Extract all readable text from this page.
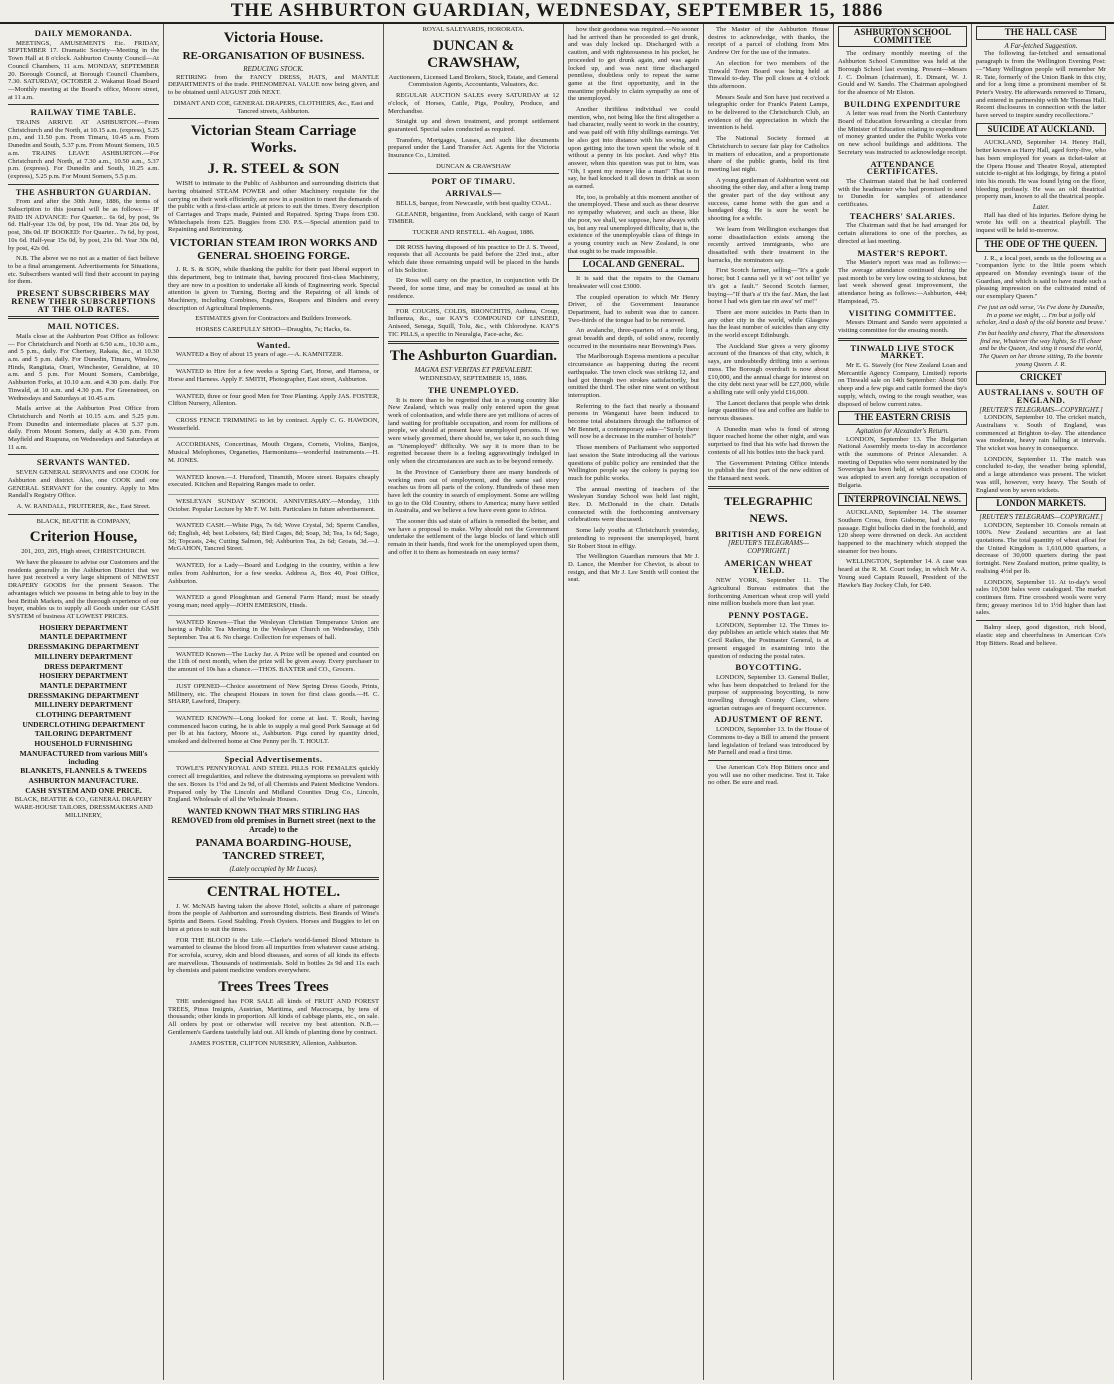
THE ASHBURTON GUARDIAN, WEDNESDAY, SEPTEMBER 15, 1886
DAILY MEMORANDA.

MEETINGS, AMUSEMENTS Etc. FRIDAY, SEPTEMBER 17. Dramatic Society—Meeting in the Town Hall at 8 o'clock. Ashburton County Council—At Council Chambers, 11 a.m. MONDAY, SEPTEMBER 20. Borough Council, at Borough Council Chambers, 7.30. SATURDAY, OCTOBER 2. Wakanui Road Board—Monthly meeting at the Board's office, Moore street, at 11 a.m.

RAILWAY TIME TABLE.

TRAINS ARRIVE AT ASHBURTON.—From Christchurch and the North, at 10.15 a.m. (express), 5.25 p.m., and 11.50 p.m. From Timaru, 10.45 a.m. From Dunedin and South, 5.37 p.m. From Mount Somers, 10.5 a.m. TRAINS LEAVE ASHBURTON.—For Christchurch and North, at 7.30 a.m., 10.50 a.m., 5.37 p.m. (express). For Dunedin and South, 10.25 a.m. (express), 5.25 p.m. For Mount Somers, 5.5 p.m.

THE ASHBURTON GUARDIAN.

From and after the 30th June, 1886, the terms of Subscription to this journal will be as follows:— IF PAID IN ADVANCE: For Quarter... 6s 6d, by post, 9s 6d. Half-year 13s 0d, by post, 19s 0d. Year 26s 0d, by post, 38s 0d. IF BOOKED: For Quarter... 7s 6d, by post, 10s 6d. Half-year 15s 0d, by post, 21s 0d. Year 30s 0d, by post, 42s 0d.

N.B. The above we no not as a matter of fact believe to be a final arrangement. Advertisements for Situations, etc. Subscribers wanted will find their account in paying for them.

PRESENT SUBSCRIBERS MAY RENEW THEIR SUBSCRIPTIONS AT THE OLD RATES.
MAIL NOTICES.

Mails close at the Ashburton Post Office as follows:— For Christchurch and North at 6.50 a.m., 10.30 a.m., and 5 p.m., daily. For Chertsey, Rakaia, &c., at 10.30 a.m. and 5 p.m. daily. For Dunedin, Timaru, Winslow, Hinds, Rangitata, Orari, Winchester, Geraldine, at 10 a.m. and 5 p.m. For Mount Somers, Cambridge, Ashburton Forks, at 10.10 a.m. and 4.30 p.m. daily. For Tinwald, at 10 a.m. and 4.30 p.m. For Greenstreet, on Wednesdays and Saturdays at 10.45 a.m.

Mails arrive at the Ashburton Post Office from Christchurch and North at 10.15 a.m. and 5.25 p.m. From Dunedin and intermediate places at 5.37 p.m. daily. From Mount Somers, daily at 4.30 p.m. From Mayfield and Ruapuna, on Wednesdays and Saturdays at 11 a.m.

SERVANTS WANTED.

SEVEN GENERAL SERVANTS and one COOK for Ashburton and district. Also, one COOK and one GENERAL SERVANT for the country. Apply to Mrs Randall's Registry Office.

A. W. RANDALL, FRUITERER, &c., East Street.

BLACK, BEATTIE & COMPANY,

Criterion House,

201, 203, 205, High street, CHRISTCHURCH.

We have the pleasure to advise our Customers and the residents generally in the Ashburton District that we have just received a very large shipment of NEWEST DRAPERY GOODS for the present Season. The advantages which we possess in being able to buy in the best British Markets, and the thorough experience of our buyer, enables us to supply all Goods under our CASH SYSTEM of business AT LOWEST PRICES.

HOSIERY DEPARTMENT
MANTLE DEPARTMENT
DRESSMAKING DEPARTMENT
MILLINERY DEPARTMENT
DRESS DEPARTMENT
HOSIERY DEPARTMENT
MANTLE DEPARTMENT
DRESSMAKING DEPARTMENT
MILLINERY DEPARTMENT
CLOTHING DEPARTMENT
UNDERCLOTHING DEPARTMENT
TAILORING DEPARTMENT
HOUSEHOLD FURNISHING
MANUFACTURED from various Mill's including
BLANKETS, FLANNELS & TWEEDS
ASHBURTON MANUFACTURE.
CASH SYSTEM AND ONE PRICE.

BLACK, BEATTIE & CO., GENERAL DRAPERY WARE-HOUSE TAILORS, DRESSMAKERS AND MILLINERY,

Victoria House.
RE-ORGANISATION OF BUSINESS.
REDUCING STOCK.

RETIRING from the FANCY DRESS, HATS, and MANTLE DEPARTMENTS of the trade. PHENOMENAL VALUE now being given, and to be obtained until AUGUST 20th NEXT.

DIMANT AND COE, GENERAL DRAPERS, CLOTHIERS, &c., East and Tancred streets, Ashburton.

Victorian Steam Carriage Works.
J. R. STEEL & SON

WISH to intimate to the Public of Ashburton and surrounding districts that having obtained STEAM POWER and other Machinery requisite for the carrying on their work efficiently, are now in a position to meet the demands of the public with a first-class article at prices to suit the times. Every description of Carriages and Traps made, Painted and Repaired. Spring Traps from £30. Whitechapels from £25. Buggies from £30. P.S.—Special attention paid to Repainting and Retrimming.

VICTORIAN STEAM IRON WORKS AND GENERAL SHOEING FORGE.

J. R. S. & SON, while thanking the public for their past liberal support in this department, beg to intimate that, having procured first-class Machinery, they are now in a position to undertake all kinds of Engineering work. Special attention is given to Turning, Boring and the Repairing of all kinds of Machinery, including Combines, Engines, Reapers and Binders and every description of Agricultural Implements.

ESTIMATES given for Contractors and Builders Ironwork.

HORSES CAREFULLY SHOD—Draughts, 7s; Hacks, 6s.

Wanted.

WANTED a Boy of about 15 years of age.—A. KAMNITZER.

WANTED to Hire for a few weeks a Spring Cart, Horse, and Harness, or Horse and Harness. Apply F. SMITH, Photographer, East street, Ashburton.

WANTED, three or four good Men for Tree Planting. Apply JAS. FOSTER, Clifton Nursery, Allenton.

CROSS FENCE TRIMMING to let by contract. Apply C. G. HAWDON, Westerfield.

ACCORDIANS, Concertinas, Mouth Organs, Cornets, Violins, Banjos, Musical Melophones, Organettes, Harmoniums—wonderful instruments.—H. M. JONES.

WANTED known.—J. Hunsford, Tinsmith, Moore street. Repairs cheaply executed. Kitchen and Repairing Ranges made to order.

WESLEYAN SUNDAY SCHOOL ANNIVERSARY.—Monday, 11th October. Popular Lecture by Mr F. W. Isitt. Particulars in future advertisement.

WANTED CASH.—White Pigs, 7s 6d; Wove Crystal, 3d; Sperm Candles, 6d; English, 4d; best Lobsters, 6d; Bird Cages, 8d; Soap, 3d; Tea, 1s 6d; Sago, 3d; Topcasts, 24s; Cutting Salmon, 9d; Ashburton Tea, 2s 6d; Groats, 3d.—J. McGAHON, Tancred Street.

WANTED, for a Lady—Board and Lodging in the country, within a few miles from Ashburton, for a few weeks. Address A, Box 40, Post Office, Ashburton.

WANTED a good Ploughman and General Farm Hand; must be steady young man; need apply—JOHN EMERSON, Hinds.

WANTED Known—That the Wesleyan Christian Temperance Union are having a Public Tea Meeting in the Wesleyan Church on Wednesday, 15th September. Tea at 6. No charge. Collection for expenses of hall.

WANTED Known—The Lucky Jar. A Prize will be opened and counted on the 11th of next month, when the prize will be given away. Every purchaser to the amount of 10s has a chance.—THOS. BAXTER and CO., Grocers.

JUST OPENED—Choice assortment of New Spring Dress Goods, Prints, Millinery, etc. The cheapest Houses in town for first class goods.—H. C. SHARP, Lawford, Drapery.

WANTED KNOWN—Long looked for come at last. T. Roult, having commenced bacon curing, he is able to supply a real good Pork Sausage at 6d per lb at his factory, Moore st., Ashburton. Pigs cured by quantity dried, smoked and delivered home at One Penny per lb. T. HOULT.

Special Advertisements.

TOWLE'S PENNYROYAL AND STEEL PILLS FOR FEMALES quickly correct all irregularities, and relieve the distressing symptoms so prevalent with the sex. Boxes 1s 1½d and 2s 9d, of all Chemists and Patent Medicine Vendors. Prepared only by The Lincoln and Midland Counties Drug Co., Lincoln, England. Wholesale of all the Wholesale Houses.

WANTED KNOWN THAT MRS STIRLING HAS REMOVED from old premises in Burnett street (next to the Arcade) to the
PANAMA BOARDING-HOUSE, TANCRED STREET,
(Lately occupied by Mr Lucas).
CENTRAL HOTEL.

J. W. McNAB having taken the above Hotel, solicits a share of patronage from the people of Ashburton and surrounding districts. Best Brands of Wine's Spirits and Beers. Good Stabling. Fresh Oysters. Horses and Buggies to let on hire at prices to suit the times.

FOR THE BLOOD is the Life.—Clarke's world-famed Blood Mixture is warranted to cleanse the blood from all impurities from whatever cause arising. For scrofula, scurvy, skin and blood diseases, and sores of all kinds its effects are marvellous. Thousands of testimonials. Sold in bottles 2s 9d and 11s each by chemists and patent medicine vendors everywhere.

Trees Trees Trees

THE undersigned has FOR SALE all kinds of FRUIT AND FOREST TREES, Pinus Insignis, Austrian, Maritima, and Macrocarpa, by tens of thousands; other kinds in proportion. All kinds of cabbage plants, etc., on sale. All orders by post or otherwise will receive my best attention. N.B.—Gentlemen's Gardens tastefully laid out. All kinds of planting done by contract.

JAMES FOSTER, CLIFTON NURSERY, Allenton, Ashburton.

ROYAL SALEYARDS, HORORATA.

DUNCAN & CRAWSHAW,

Auctioneers, Licensed Land Brokers, Stock, Estate, and General Commission Agents, Accountants, Valuators, &c.

REGULAR AUCTION SALES every SATURDAY at 12 o'clock, of Horses, Cattle, Pigs, Poultry, Produce, and Merchandise.

Straight up and down treatment, and prompt settlement guaranteed. Special sales conducted as required.

Transfers, Mortgages, Leases, and such like documents prepared under the Land Transfer Act. Agents for the Victoria Insurance Co., Limited.

DUNCAN & CRAWSHAW

PORT OF TIMARU.
ARRIVALS—

BELLS, barque, from Newcastle, with best quality COAL.

GLEANER, brigantine, from Auckland, with cargo of Kauri TIMBER.

TUCKER AND RESTELL. 4th August, 1886.

DR ROSS having disposed of his practice to Dr J. S. Tweed, requests that all Accounts be paid before the 23rd inst., after which date those remaining unpaid will be placed in the hands of his Solicitor.

Dr Ross will carry on the practice, in conjunction with Dr Tweed, for some time, and may be consulted as usual at his residence.

FOR COUGHS, COLDS, BRONCHITIS, Asthma, Croup, Influenza, &c., use KAY'S COMPOUND OF LINSEED, Aniseed, Senega, Squill, Tolu, &c., with Chlorodyne. KAY'S TIC PILLS, a specific in Neuralgia, Face-ache, &c.

The Ashburton Guardian.
MAGNA EST VERITAS ET PREVALEBIT.

WEDNESDAY, SEPTEMBER 15, 1886.

THE UNEMPLOYED.

It is more than to be regretted that in a young country like New Zealand, which was really only entered upon the great work of colonisation, and while there are yet millions of acres of land waiting for profitable occupation, and room for millions of people, we should at present have unemployed persons. If we were wisely governed, there should be, we take it, no such thing as "Unemployed" difficulty. We say it is more than to be regretted because there is a feeling aggravatingly indulged in only when the circumstances are such as to be beyond remedy.

In the Province of Canterbury there are many hundreds of working men out of employment, and the same sad story reaches us from all parts of the colony. Hundreds of these men have left the country in search of employment. Some are willing to go to the Old Country, others to America; many have settled in Australia, and we believe a few have even gone to Africa.

The sooner this sad state of affairs is remedied the better, and we have a proposal to make. Why should not the Government undertake the settlement of the large blocks of land which still remain in their hands, find work for the unemployed upon them, and offer it to them as homesteads on easy terms?

how their goodness was required.—No sooner had he arrived than he proceeded to get drunk, and was duly locked up. Discharged with a caution, and with righteousness in his pocket, he proceeded to get drunk again, and was again locked up, and was next time discharged penniless, doubtless only to repeat the same game at the first opportunity, and in the meantime probably to claim sympathy as one of the unemployed.

Another thriftless individual we could mention, who, not being like the first altogether a bad character, really went to work in the country, and was paid off with fifty shillings earnings. Yet he also got into distance with his sowing, and upon getting into the town spent the whole of it without a penny in his pocket. And why? His answer, when this question was put to him, was "Oh, I spent my money like a man!" That is to say, he had knocked it all down in drink as soon as earned.

He, too, is probably at this moment another of the unemployed. These and such as these deserve no sympathy whatever, and such as these, like the poor, we shall, we suppose, have always with us, but any real unemployed difficulty, that is, the existence of the unemployable class of things in a young country such as New Zealand, is one that ought to be made impossible.

LOCAL AND GENERAL.

It is said that the repairs to the Oamaru breakwater will cost £3000.

The coupled operation to which Mr Henry Driver, of the Government Insurance Department, had to submit was due to cancer. Two-thirds of the tongue had to be removed.

An avalanche, three-quarters of a mile long, great breadth and depth, of solid snow, recently occurred in the mountains near Browning's Pass.

The Marlborough Express mentions a peculiar circumstance as happening during the recent earthquake. The town clock was striking 12, and had got through two strokes satisfactorily, but omitted the third. The other nine went on without interruption.

Referring to the fact that nearly a thousand persons in Wanganui have been induced to become total abstainers through the influence of Mr Bennett, a contemporary asks—"Surely there will now be a decrease in the number of hotels?"

Those members of Parliament who supported last session the State introducing all the various questions of public policy are reminded that the Wellington people say the colony is paying too much for public works.

The annual meeting of teachers of the Wesleyan Sunday School was held last night, Rev. D. McDonald in the chair. Details connected with the forthcoming anniversary celebrations were discussed.

Some lady youths at Christchurch yesterday, pretending to represent the unemployed, burnt Sir Robert Stout in effigy.

The Wellington Guardian rumours that Mr J. D. Lance, the Member for Cheviot, is about to resign, and that Mr J. Lee Smith will contest the seat.

The Master of the Ashburton House desires to acknowledge, with thanks, the receipt of a parcel of clothing from Mrs Andrew Orr for the use of the inmates.

An election for two members of the Tinwald Town Board was being held at Tinwald to-day. The poll closes at 4 o'clock this afternoon.

Messrs Seale and Son have just received a telegraphic order for Frank's Patent Lamps, to be delivered to the Christchurch Club, an evidence of the appreciation in which the invention is held.

The National Society formed at Christchurch to secure fair play for Catholics in matters of education, and a proportionate share of the public grants, held its first meeting last night.

A young gentleman of Ashburton went out shooting the other day, and after a long tramp the greater part of the day without any success, came home with the gun and a bandaged dog. He is sure he won't be shooting for a while.

We learn from Wellington exchanges that some dissatisfaction exists among the recently arrived immigrants, who are dissatisfied with their treatment in the barracks, the nominators say.

First Scotch farmer, selling—"It's a gude horse; but I canna sell ye it wi' oot tellin' ye it's got a fault." Second Scotch farmer, buying—"If that's a' it's the fau'. Man, the last horse I had wis gien tae rin awa' wi' me!"

There are more suicides in Paris than in any other city in the world, while Glasgow has the least number of suicides than any city in the world except Edinburgh.

The Auckland Star gives a very gloomy account of the finances of that city, which, it says, are undoubtedly drifting into a serious mess. The Borough overdraft is now about £10,000, and the annual charge for interest on the city debt next year will be £27,000, while a shilling rate will only yield £16,000.

The Lancet declares that people who drink large quantities of tea and coffee are liable to nervous diseases.

A Dunedin man who is fond of strong liquor reached home the other night, and was surprised to find that his wife had thrown the contents of all his bottles into the back yard.

The Government Printing Office intends to publish the first part of the new edition of the Hansard next week.

TELEGRAPHIC NEWS.
BRITISH AND FOREIGN
[REUTER'S TELEGRAMS—COPYRIGHT.]
AMERICAN WHEAT YIELD.

NEW YORK, September 11. The Agricultural Bureau estimates that the forthcoming American wheat crop will yield nine million bushels more than last year.

PENNY POSTAGE.

LONDON, September 12. The Times to-day publishes an article which states that Mr Cecil Raikes, the Postmaster General, is at present engaged in examining into the question of reducing the postal rates.

BOYCOTTING.

LONDON, September 13. General Buller, who has been despatched to Ireland for the purpose of suppressing boycotting, is now travelling through County Clare, where agrarian outrages are of frequent occurrence.

ADJUSTMENT OF RENT.

LONDON, September 13. In the House of Commons to-day a Bill to amend the present land legislation of Ireland was introduced by Mr Parnell and read a first time.

Use American Co's Hop Bitters once and you will use no other medicine. Test it. Take no other. Be sure and read.

ASHBURTON SCHOOL COMMITTEE

The ordinary monthly meeting of the Ashburton School Committee was held at the Borough School last evening. Present—Messrs J. C. Dolman (chairman), E. Dimant, W. J. Gould and W. Sando. The Chairman apologised for the absence of Mr Elston.

BUILDING EXPENDITURE

A letter was read from the North Canterbury Board of Education forwarding a circular from the Minister of Education relating to expenditure of money granted under the Public Works vote on new school buildings and additions. The Secretary was instructed to acknowledge receipt.

ATTENDANCE CERTIFICATES.

The Chairman stated that he had conferred with the headmaster who had promised to send to Dunedin for samples of attendance certificates.

TEACHERS' SALARIES.

The Chairman said that he had arranged for certain alterations to one of the porches, as directed at last meeting.

MASTER'S REPORT.

The Master's report was read as follows:— The average attendance continued during the past month to be very low owing to sickness, but last week showed great improvement, the attendance being as follows:—Ashburton, 444; Hampstead, 75.

VISITING COMMITTEE.

Messrs Dimant and Sando were appointed a visiting committee for the ensuing month.

TINWALD LIVE STOCK MARKET.

Mr E. G. Stavely (for New Zealand Loan and Mercantile Agency Company, Limited) reports on Tinwald sale on 14th September: About 500 sheep and a few pigs and cattle formed the day's supply, which, owing to the rough weather, was disposed of below current rates.

THE EASTERN CRISIS
Agitation for Alexander's Return.

LONDON, September 13. The Bulgarian National Assembly meets to-day in accordance with the summons of Prince Alexander. A meeting of Deputies who were nominated by the Sovereign has been held, at which a resolution was adopted to avert any foreign occupation of Bulgaria.

INTERPROVINCIAL NEWS.

AUCKLAND, September 14. The steamer Southern Cross, from Gisborne, had a stormy passage. Eight bullocks died in the forehold, and 120 sheep were drowned on deck. An accident happened to the machinery which stopped the steamer for two hours.

WELLINGTON, September 14. A case was heard at the R. M. Court today, in which Mr A. Young sued Captain Russell, President of the Hawke's Bay Jockey Club, for £40.

THE HALL CASE
A Far-fetched Suggestion.

The following far-fetched and sensational paragraph is from the Wellington Evening Post:—"Many Wellington people will remember Mr R. Tate, formerly of the Union Bank in this city, and for a long time a prominent member of St Peter's Vestry. He afterwards removed to Timaru, and entered in partnership with Mr Thomas Hall. Recent disclosures in connection with the latter have served to inspire sundry recollections."

SUICIDE AT AUCKLAND.

AUCKLAND, September 14. Henry Hall, better known as Harry Hall, aged forty-five, who has been employed for years as ticket-taker at the Opera House and Theatre Royal, attempted suicide to-night at his lodgings, by firing a pistol into his mouth. He was found lying on the floor, bleeding profusely. He was an old theatrical property man, known to all the theatrical people.

Later.

Hall has died of his injuries. Before dying he wrote his will on a theatrical playbill. The inquest will be held to-morrow.

THE ODE OF THE QUEEN.

J. R., a local poet, sends us the following as a "companion lyric to the little poem which appeared on Monday evening's issue of the Guardian, and which is said to have made such a pleasing impression on the cultivated mind of our exemplary Queen."

I've just an odd verse, 'As I've done by Dunedin, In a pome we might, ... I'm but a jolly old scholar, And a dash of the old bonnie and brave.'

I'm but healthy and cheery, That the dimensions find me, Whatever the way lights, So I'll cheer and be the Queen, And sing it round the world, The Queen on her throne sitting, To the bonnie young Queen. J. R.

CRICKET
AUSTRALIANS v. SOUTH OF ENGLAND.
[REUTER'S TELEGRAMS—COPYRIGHT.]

LONDON, September 10. The cricket match, Australians v. South of England, was commenced at Brighton to-day. The attendance was moderate, heavy rain falling at intervals. The wicket was heavy in consequence.

LONDON, September 11. The match was concluded to-day, the weather being splendid, and a large attendance was present. The wicket was still, however, very heavy. The South of England won by seven wickets.

LONDON MARKETS.
[REUTER'S TELEGRAMS—COPYRIGHT.]

LONDON, September 10. Consols remain at 100⅞. New Zealand securities are at last quotations. The total quantity of wheat afloat for the United Kingdom is 1,610,000 quarters, a decrease of 30,000 quarters during the past fortnight. New Zealand mutton, prime quality, is realising 4½d per lb.

LONDON, September 11. At to-day's wool sales 10,500 bales were catalogued. The market continues firm. Fine crossbred wools were very firm; greasy merinos 1d to 1½d higher than last sales.

Balmy sleep, good digestion, rich blood, elastic step and cheerfulness in American Co's Hop Bitters. Read and believe.
